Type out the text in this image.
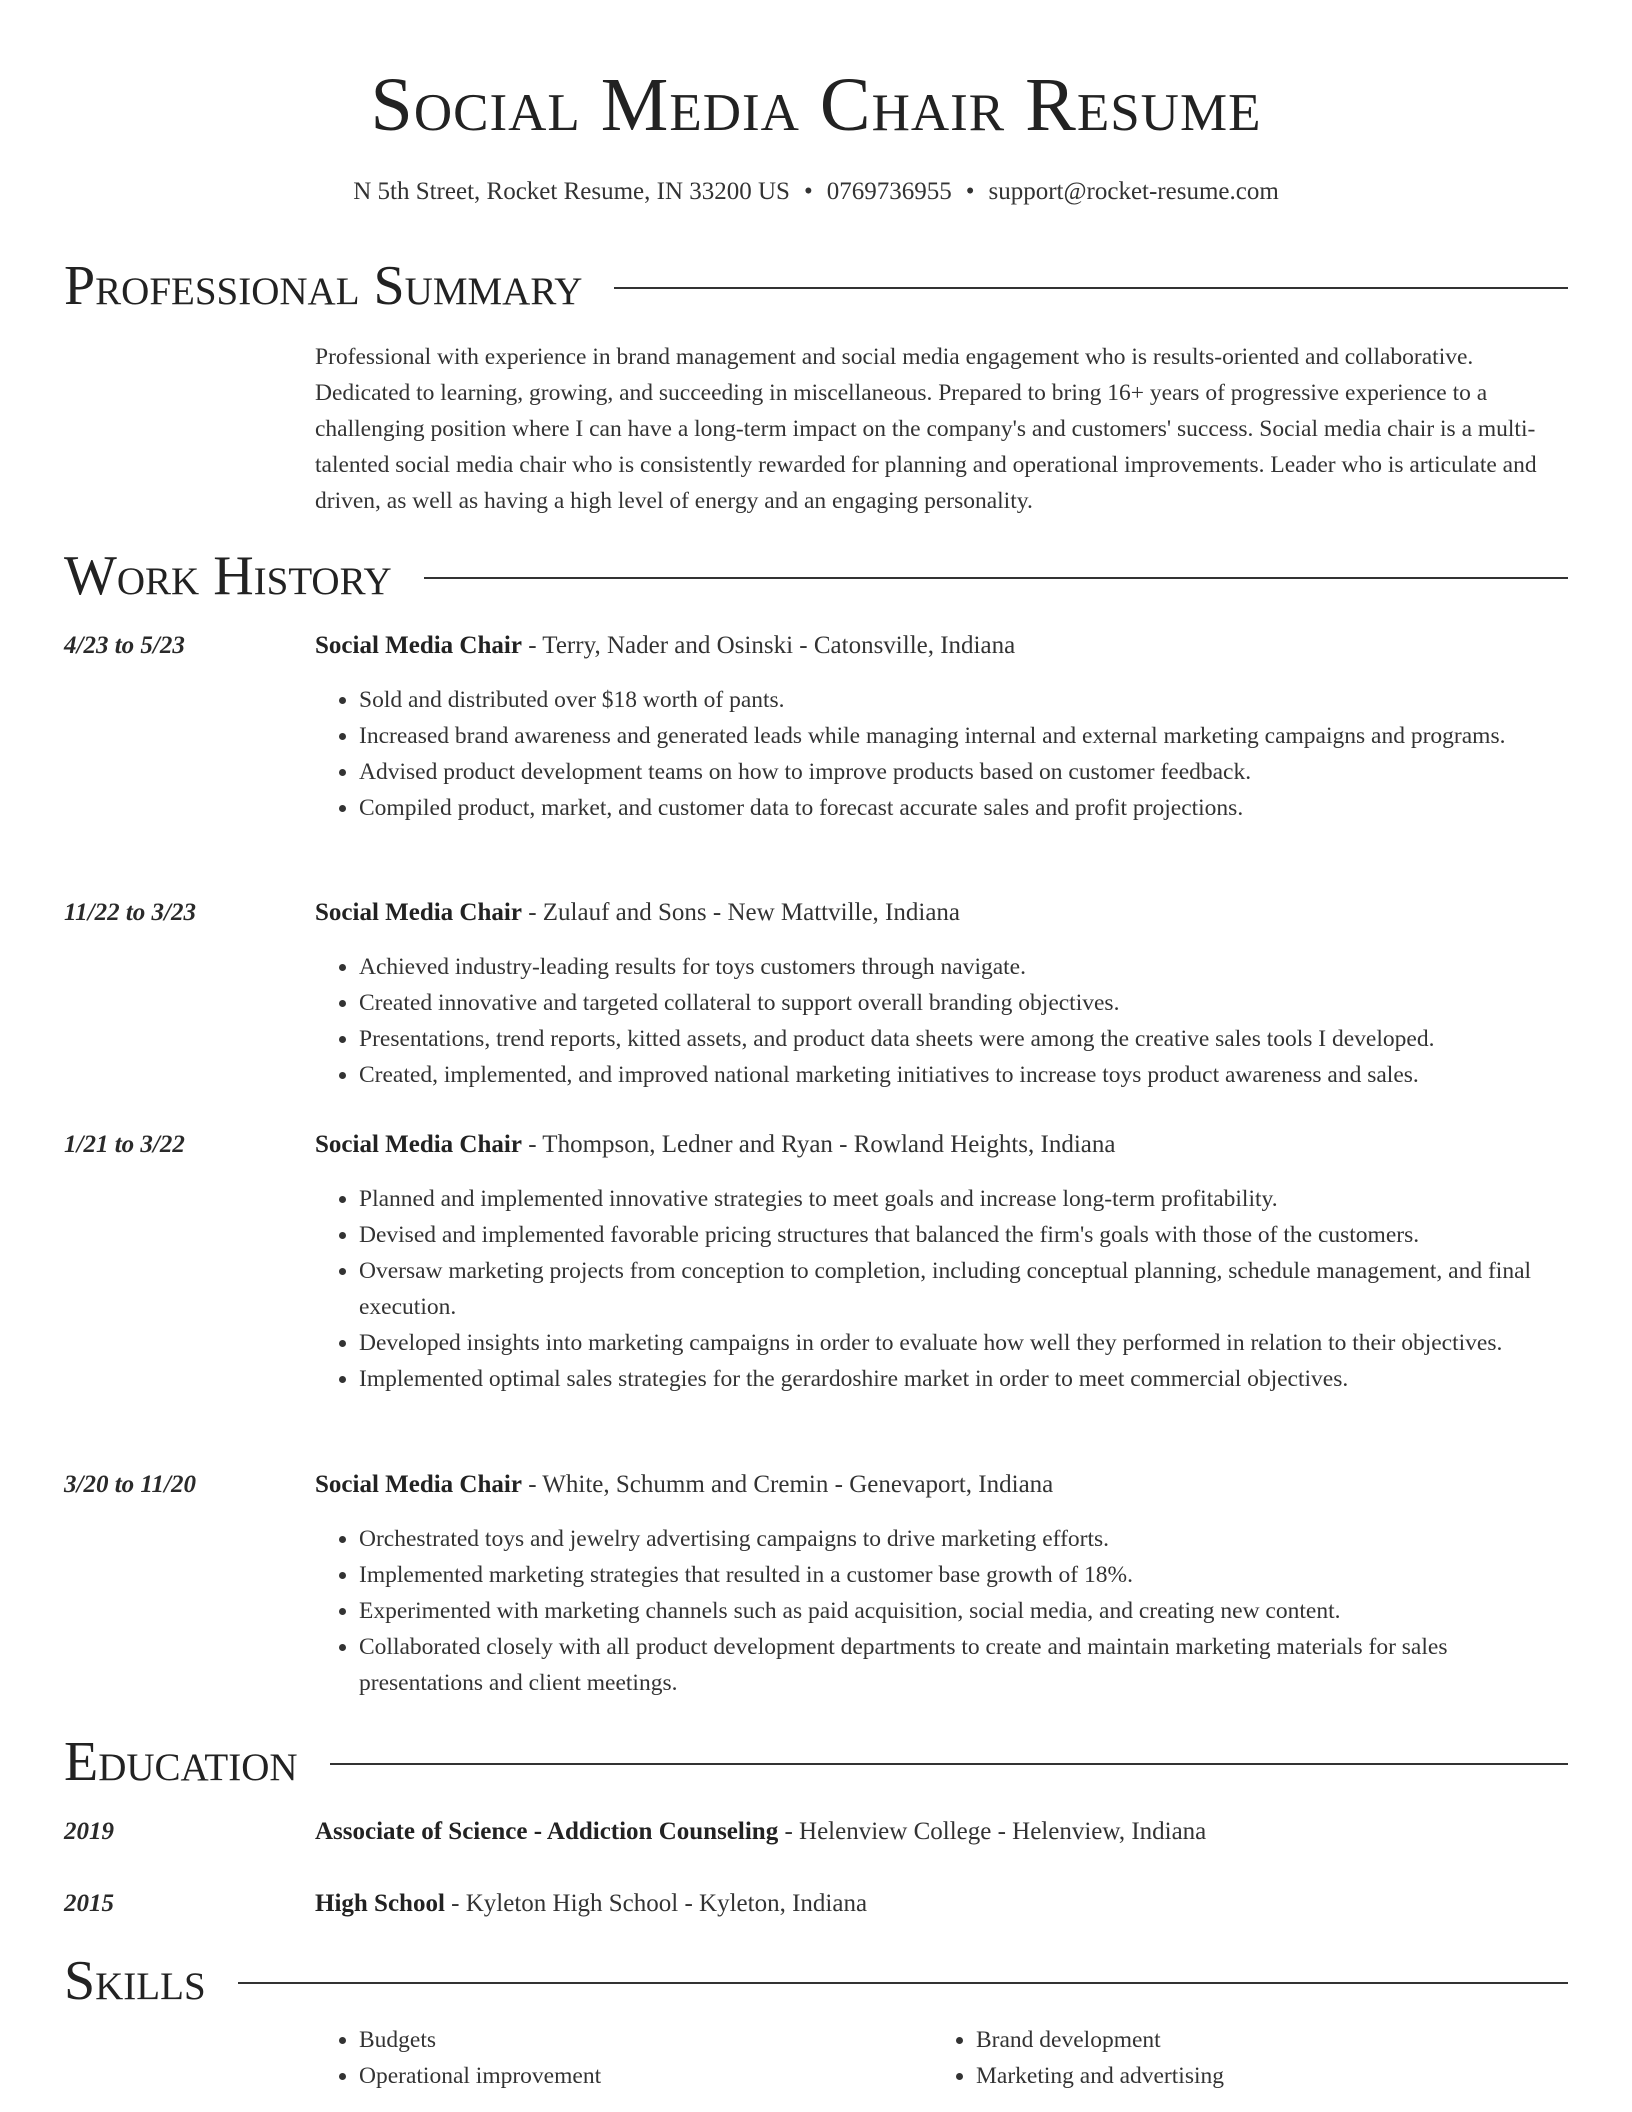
Social Media Chair Resume
N 5th Street, Rocket Resume, IN 33200 US • 0769736955 • support@rocket-resume.com
Professional Summary

Professional with experience in brand management and social media engagement who is results-oriented and collaborative. Dedicated to learning, growing, and succeeding in miscellaneous. Prepared to bring 16+ years of progressive experience to a challenging position where I can have a long-term impact on the company's and customers' success. Social media chair is a multi-talented social media chair who is consistently rewarded for planning and operational improvements. Leader who is articulate and driven, as well as having a high level of energy and an engaging personality.

Work History
4/23 to 5/23	Social Media Chair - Terry, Nader and Osinski - Catonsville, Indiana
• Sold and distributed over $18 worth of pants.
• Increased brand awareness and generated leads while managing internal and external marketing campaigns and programs.
• Advised product development teams on how to improve products based on customer feedback.
• Compiled product, market, and customer data to forecast accurate sales and profit projections.
11/22 to 3/23	Social Media Chair - Zulauf and Sons - New Mattville, Indiana
• Achieved industry-leading results for toys customers through navigate.
• Created innovative and targeted collateral to support overall branding objectives.
• Presentations, trend reports, kitted assets, and product data sheets were among the creative sales tools I developed.
• Created, implemented, and improved national marketing initiatives to increase toys product awareness and sales.
1/21 to 3/22	Social Media Chair - Thompson, Ledner and Ryan - Rowland Heights, Indiana
• Planned and implemented innovative strategies to meet goals and increase long-term profitability.
• Devised and implemented favorable pricing structures that balanced the firm's goals with those of the customers.
• Oversaw marketing projects from conception to completion, including conceptual planning, schedule management, and final execution.
• Developed insights into marketing campaigns in order to evaluate how well they performed in relation to their objectives.
• Implemented optimal sales strategies for the gerardoshire market in order to meet commercial objectives.
3/20 to 11/20	Social Media Chair - White, Schumm and Cremin - Genevaport, Indiana
• Orchestrated toys and jewelry advertising campaigns to drive marketing efforts.
• Implemented marketing strategies that resulted in a customer base growth of 18%.
• Experimented with marketing channels such as paid acquisition, social media, and creating new content.
• Collaborated closely with all product development departments to create and maintain marketing materials for sales presentations and client meetings.
Education
2019	Associate of Science - Addiction Counseling - Helenview College - Helenview, Indiana
2015	High School - Kyleton High School - Kyleton, Indiana
Skills
• Budgets
• Operational improvement
• Brand development
• Marketing and advertising
